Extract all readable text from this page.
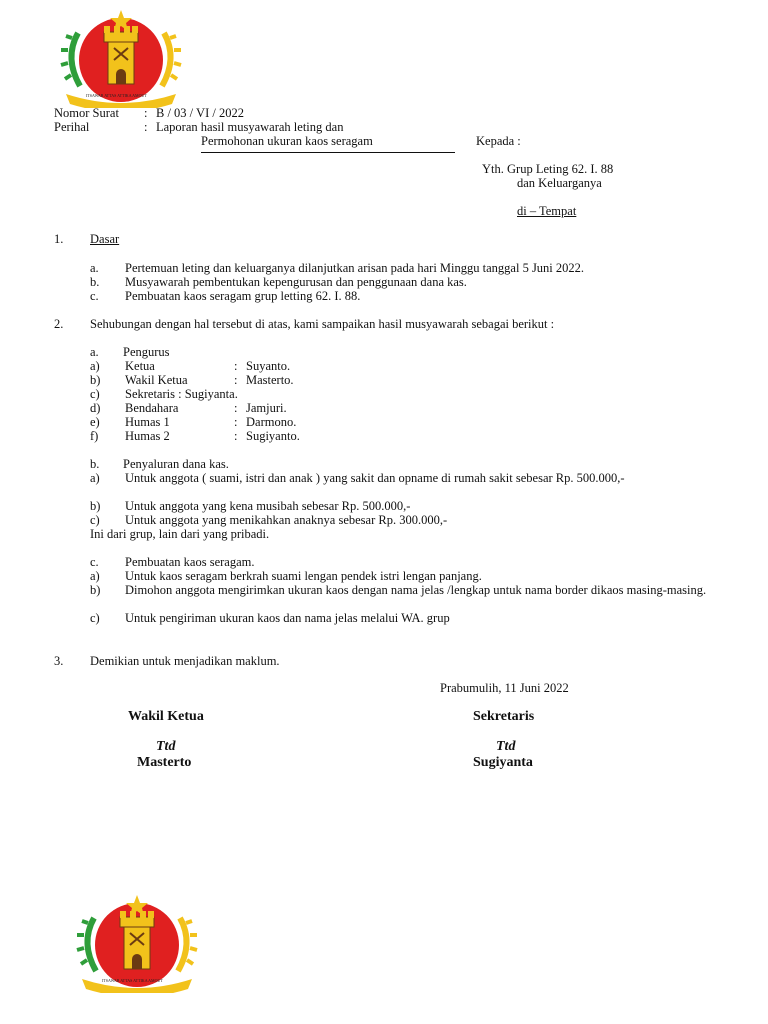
ITSAWAR ATTAS ATTIKA AMOUT
Nomor Surat : B / 03 / VI / 2022
Perihal	: Laporan hasil musyawarah leting dan
Permohonan ukuran kaos seragam	Kepada :
Yth. Grup Leting 62. I. 88
dan Keluarganya
di – Tempat
1. Dasar
a. Pertemuan leting dan keluarganya dilanjutkan arisan pada hari Minggu tanggal 5 Juni 2022.
b. Musyawarah pembentukan kepengurusan dan penggunaan dana kas.
c. Pembuatan kaos seragam grup letting 62. I. 88.
2. Sehubungan dengan hal tersebut di atas, kami sampaikan hasil musyawarah sebagai berikut :
a. Pengurus
a) Ketua	: Suyanto.
b) Wakil Ketua	: Masterto.
c) Sekretaris : Sugiyanta.
d) Bendahara	: Jamjuri.
e) Humas 1	: Darmono.
f) Humas 2	: Sugiyanto.
b. Penyaluran dana kas.
a)	Untuk anggota ( suami, istri dan anak ) yang sakit dan opname di rumah sakit sebesar Rp. 500.000,-
b) Untuk anggota yang kena musibah sebesar Rp. 500.000,-
c) Untuk anggota yang menikahkan anaknya sebesar Rp. 300.000,-
Ini dari grup, lain dari yang pribadi.
c. Pembuatan kaos seragam.
a) Untuk kaos seragam berkrah suami lengan pendek istri lengan panjang.
b)	Dimohon anggota mengirimkan ukuran kaos dengan nama jelas /lengkap untuk nama border dikaos masing-masing.
c) Untuk pengiriman ukuran kaos dan nama jelas melalui WA. grup
3. Demikian untuk menjadikan maklum.
Prabumulih, 11 Juni 2022
Wakil Ketua
Ttd
Masterto
Sekretaris
Ttd
Sugiyanta
ITSAWAR ATTAS ATTIKA AMOUT
